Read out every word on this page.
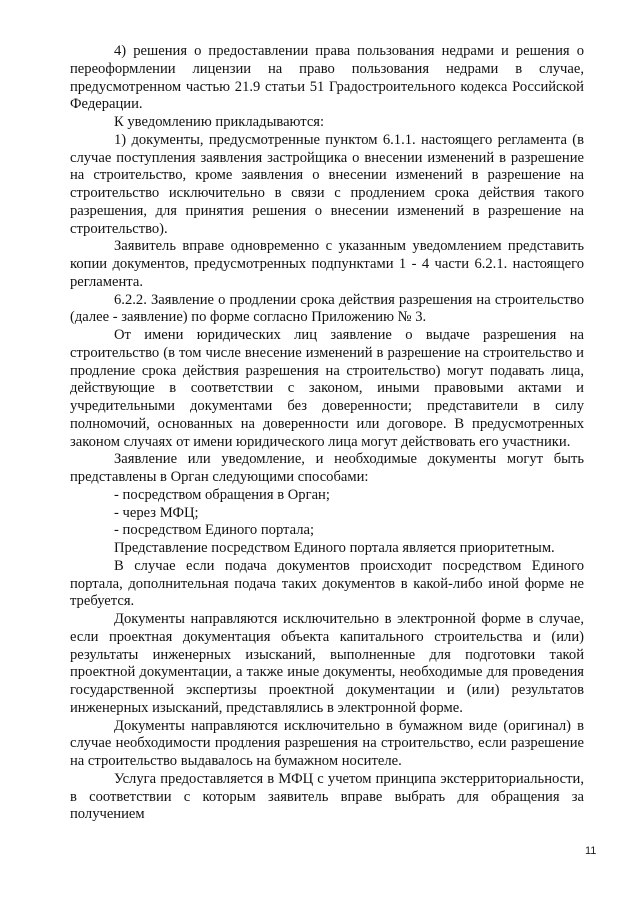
4) решения о предоставлении права пользования недрами и решения о переоформлении лицензии на право пользования недрами в случае, предусмотренном частью 21.9 статьи 51 Градостроительного кодекса Российской Федерации.

К уведомлению прикладываются:

1) документы, предусмотренные пунктом 6.1.1. настоящего регламента (в случае поступления заявления застройщика о внесении изменений в разрешение на строительство, кроме заявления о внесении изменений в разрешение на строительство исключительно в связи с продлением срока действия такого разрешения, для принятия решения о внесении изменений в разрешение на строительство).

Заявитель вправе одновременно с указанным уведомлением представить копии документов, предусмотренных подпунктами 1 - 4 части 6.2.1. настоящего регламента.

6.2.2. Заявление о продлении срока действия разрешения на строительство (далее - заявление) по форме согласно Приложению № 3.

От имени юридических лиц заявление о выдаче разрешения на строительство (в том числе внесение изменений в разрешение на строительство и продление срока действия разрешения на строительство) могут подавать лица, действующие в соответствии с законом, иными правовыми актами и учредительными документами без доверенности; представители в силу полномочий, основанных на доверенности или договоре. В предусмотренных законом случаях от имени юридического лица могут действовать его участники.

Заявление или уведомление, и необходимые документы могут быть представлены в Орган следующими способами:

- посредством обращения в Орган;

- через МФЦ;

- посредством Единого портала;

Представление посредством Единого портала является приоритетным.

В случае если подача документов происходит посредством Единого портала, дополнительная подача таких документов в какой-либо иной форме не требуется.

Документы направляются исключительно в электронной форме в случае, если проектная документация объекта капитального строительства и (или) результаты инженерных изысканий, выполненные для подготовки такой проектной документации, а также иные документы, необходимые для проведения государственной экспертизы проектной документации и (или) результатов инженерных изысканий, представлялись в электронной форме.

Документы направляются исключительно в бумажном виде (оригинал) в случае необходимости продления разрешения на строительство, если разрешение на строительство выдавалось на бумажном носителе.

Услуга предоставляется в МФЦ с учетом принципа экстерриториальности, в соответствии с которым заявитель вправе выбрать для обращения за получением

11
